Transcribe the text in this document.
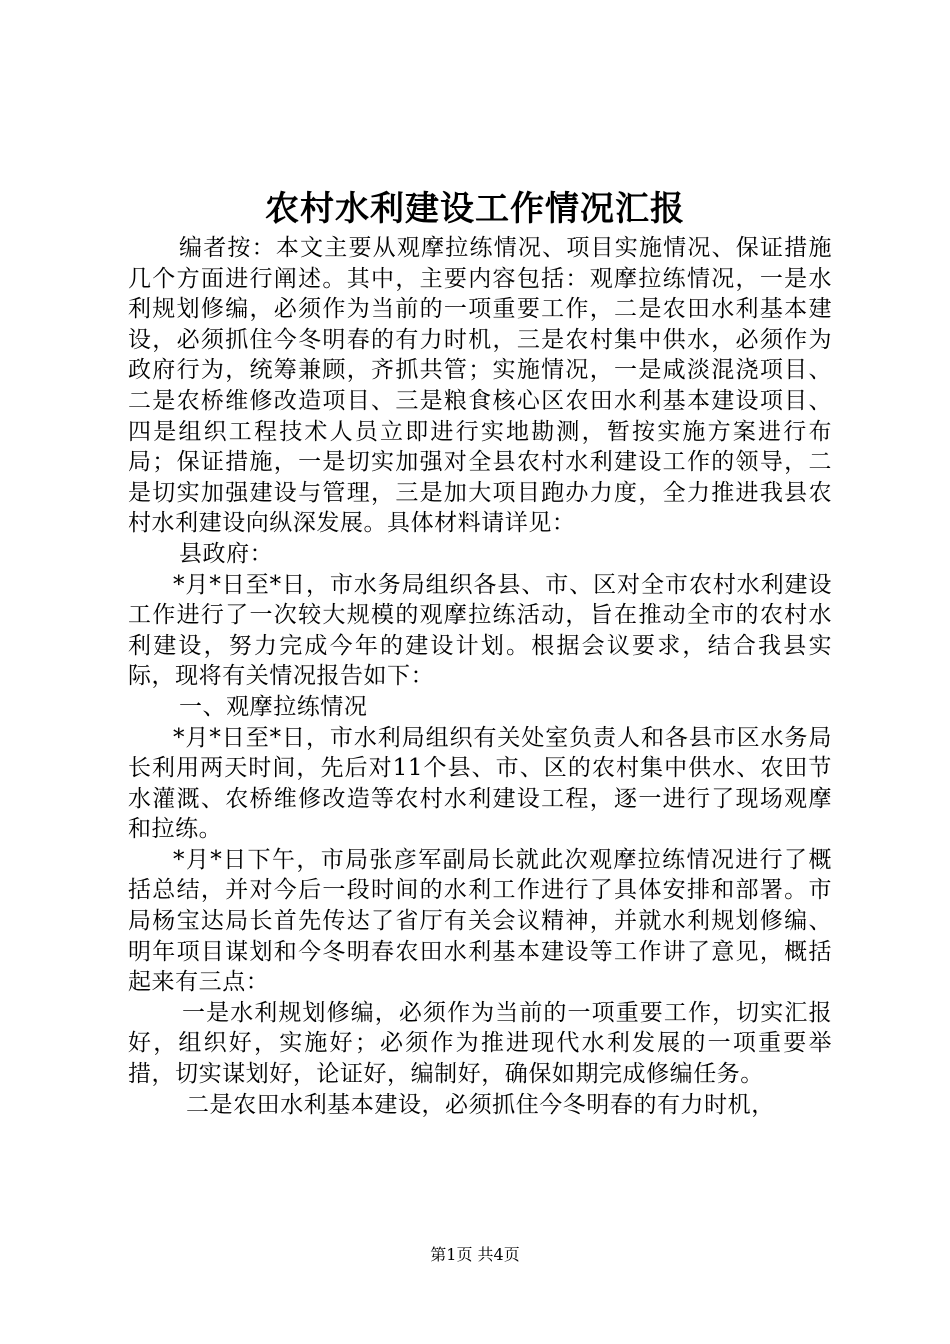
农村水利建设工作情况汇报

编者按：本文主要从观摩拉练情况、项目实施情况、保证措施几个方面进行阐述。其中，主要内容包括：观摩拉练情况，一是水利规划修编，必须作为当前的一项重要工作，二是农田水利基本建设，必须抓住今冬明春的有力时机，三是农村集中供水，必须作为政府行为，统筹兼顾，齐抓共管；实施情况，一是咸淡混浇项目、二是农桥维修改造项目、三是粮食核心区农田水利基本建设项目、四是组织工程技术人员立即进行实地勘测，暂按实施方案进行布局；保证措施，一是切实加强对全县农村水利建设工作的领导，二是切实加强建设与管理，三是加大项目跑办力度，全力推进我县农村水利建设向纵深发展。具体材料请详见：

县政府：

*月*日至*日，市水务局组织各县、市、区对全市农村水利建设工作进行了一次较大规模的观摩拉练活动，旨在推动全市的农村水利建设，努力完成今年的建设计划。根据会议要求，结合我县实际，现将有关情况报告如下：

一、观摩拉练情况

*月*日至*日，市水利局组织有关处室负责人和各县市区水务局长利用两天时间，先后对11个县、市、区的农村集中供水、农田节水灌溉、农桥维修改造等农村水利建设工程，逐一进行了现场观摩和拉练。

*月*日下午，市局张彦军副局长就此次观摩拉练情况进行了概括总结，并对今后一段时间的水利工作进行了具体安排和部署。市局杨宝达局长首先传达了省厅有关会议精神，并就水利规划修编、明年项目谋划和今冬明春农田水利基本建设等工作讲了意见，概括起来有三点：

一是水利规划修编，必须作为当前的一项重要工作，切实汇报好，组织好，实施好；必须作为推进现代水利发展的一项重要举措，切实谋划好，论证好，编制好，确保如期完成修编任务。

二是农田水利基本建设，必须抓住今冬明春的有力时机，

第1页 共4页
